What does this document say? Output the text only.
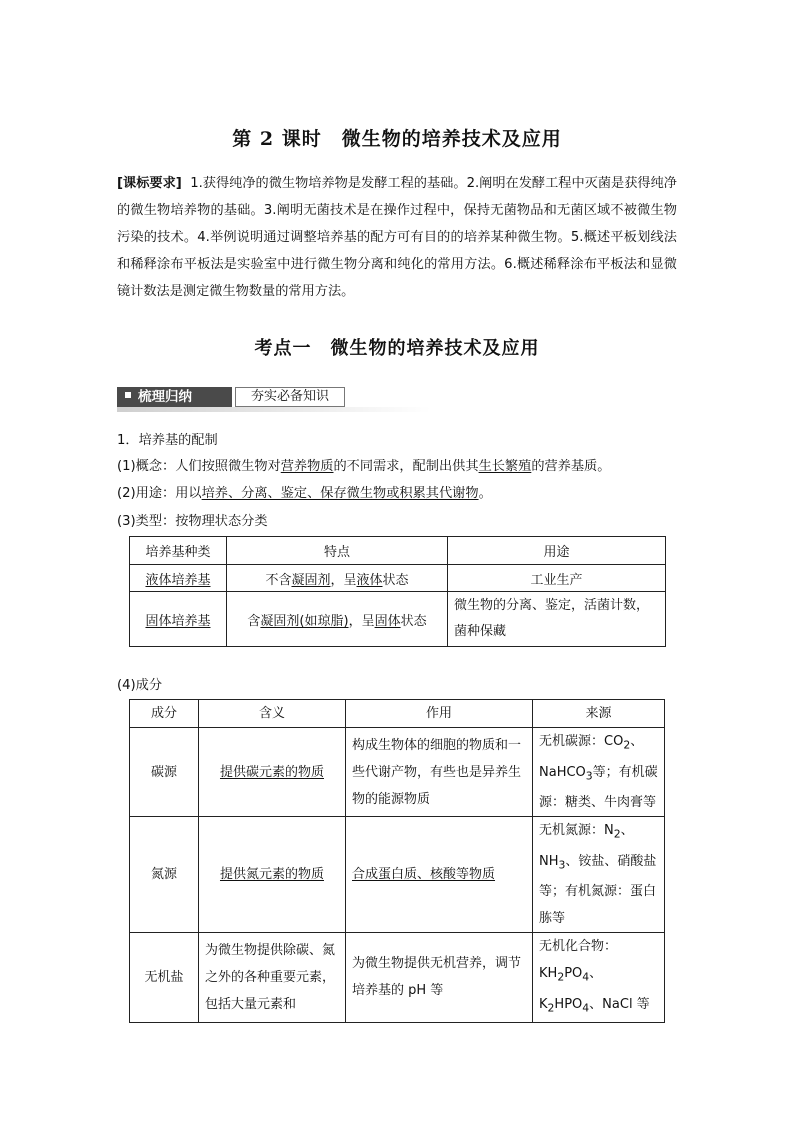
第 2 课时　微生物的培养技术及应用
[课标要求] 1.获得纯净的微生物培养物是发酵工程的基础。2.阐明在发酵工程中灭菌是获得纯净的微生物培养物的基础。3.阐明无菌技术是在操作过程中，保持无菌物品和无菌区域不被微生物污染的技术。4.举例说明通过调整培养基的配方可有目的的培养某种微生物。5.概述平板划线法和稀释涂布平板法是实验室中进行微生物分离和纯化的常用方法。6.概述稀释涂布平板法和显微镜计数法是测定微生物数量的常用方法。
考点一　微生物的培养技术及应用
梳理归纳	夯实必备知识
1．培养基的配制
(1)概念：人们按照微生物对营养物质的不同需求，配制出供其生长繁殖的营养基质。
(2)用途：用以培养、分离、鉴定、保存微生物或积累其代谢物。
(3)类型：按物理状态分类
培养基种类	特点	用途
液体培养基	不含凝固剂，呈液体状态	工业生产
固体培养基	含凝固剂(如琼脂)，呈固体状态	微生物的分离、鉴定，活菌计数，菌种保藏
(4)成分
成分	含义	作用	来源
碳源	提供碳元素的物质	构成生物体的细胞的物质和一些代谢产物，有些也是异养生物的能源物质	无机碳源：$CO_2$、NaHCO$_3$等；有机碳源：糖类、牛肉膏等
氮源	提供氮元素的物质	合成蛋白质、核酸等物质	无机氮源：$N_2$、$NH_3$、铵盐、硝酸盐等；有机氮源：蛋白胨等
无机盐	为微生物提供除碳、氮之外的各种重要元素，包括大量元素和	为微生物提供无机营养，调节培养基的 pH 等	无机化合物：$KH_2PO_4$、$K_2HPO_4$、NaCl 等
